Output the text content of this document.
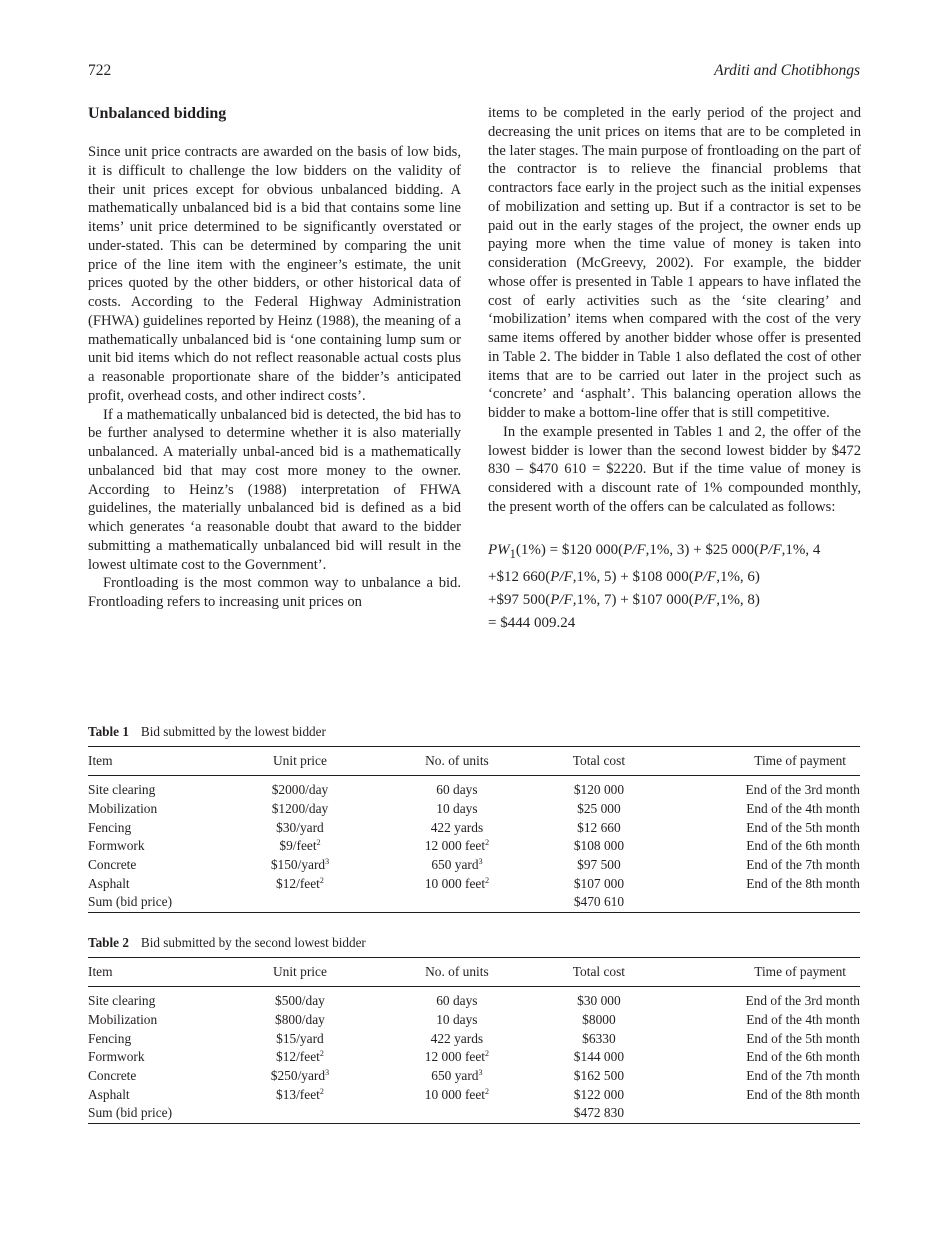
722	Arditi and Chotibhongs
Unbalanced bidding

Since unit price contracts are awarded on the basis of low bids, it is difficult to challenge the low bidders on the validity of their unit prices except for obvious unbalanced bidding. A mathematically unbalanced bid is a bid that contains some line items’ unit price determined to be significantly overstated or under-stated. This can be determined by comparing the unit price of the line item with the engineer’s estimate, the unit prices quoted by the other bidders, or other historical data of costs. According to the Federal Highway Administration (FHWA) guidelines reported by Heinz (1988), the meaning of a mathematically unbalanced bid is ‘one containing lump sum or unit bid items which do not reflect reasonable actual costs plus a reasonable proportionate share of the bidder’s anticipated profit, overhead costs, and other indirect costs’.

If a mathematically unbalanced bid is detected, the bid has to be further analysed to determine whether it is also materially unbalanced. A materially unbal-anced bid is a mathematically unbalanced bid that may cost more money to the owner. According to Heinz’s (1988) interpretation of FHWA guidelines, the materially unbalanced bid is defined as a bid which generates ‘a reasonable doubt that award to the bidder submitting a mathematically unbalanced bid will result in the lowest ultimate cost to the Government’.

Frontloading is the most common way to unbalance a bid. Frontloading refers to increasing unit prices on

items to be completed in the early period of the project and decreasing the unit prices on items that are to be completed in the later stages. The main purpose of frontloading on the part of the contractor is to relieve the financial problems that contractors face early in the project such as the initial expenses of mobilization and setting up. But if a contractor is set to be paid out in the early stages of the project, the owner ends up paying more when the time value of money is taken into consideration (McGreevy, 2002). For example, the bidder whose offer is presented in Table 1 appears to have inflated the cost of early activities such as the ‘site clearing’ and ‘mobilization’ items when compared with the cost of the very same items offered by another bidder whose offer is presented in Table 2. The bidder in Table 1 also deflated the cost of other items that are to be carried out later in the project such as ‘concrete’ and ‘asphalt’. This balancing operation allows the bidder to make a bottom-line offer that is still competitive.

In the example presented in Tables 1 and 2, the offer of the lowest bidder is lower than the second lowest bidder by $472 830 – $470 610 = $2220. But if the time value of money is considered with a discount rate of 1% compounded monthly, the present worth of the offers can be calculated as follows:

$PW_1(1\%)$ = $120 000(P/F,1%, 3) + $25 000(P/F,1%, 4
+$12 660(P/F,1%, 5) + $108 000(P/F,1%, 6)
+$97 500(P/F,1%, 7) + $107 000(P/F,1%, 8)
= $444 009.24
Table 1 Bid submitted by the lowest bidder
Item	Unit price	No. of units	Total cost	Time of payment
Site clearing	$2000/day	60 days	$120 000	End of the 3rd month
Mobilization	$1200/day	10 days	$25 000	End of the 4th month
Fencing	$30/yard	422 yards	$12 660	End of the 5th month
Formwork	$9/feet$^2$	12 000 feet$^2$	$108 000	End of the 6th month
Concrete	$150/yard$^3$	650 yard$^3$	$97 500	End of the 7th month
Asphalt	$12/feet$^2$	10 000 feet$^2$	$107 000	End of the 8th month
Sum (bid price)			$470 610	
Table 2 Bid submitted by the second lowest bidder
Item	Unit price	No. of units	Total cost	Time of payment
Site clearing	$500/day	60 days	$30 000	End of the 3rd month
Mobilization	$800/day	10 days	$8000	End of the 4th month
Fencing	$15/yard	422 yards	$6330	End of the 5th month
Formwork	$12/feet$^2$	12 000 feet$^2$	$144 000	End of the 6th month
Concrete	$250/yard$^3$	650 yard$^3$	$162 500	End of the 7th month
Asphalt	$13/feet$^2$	10 000 feet$^2$	$122 000	End of the 8th month
Sum (bid price)			$472 830	
